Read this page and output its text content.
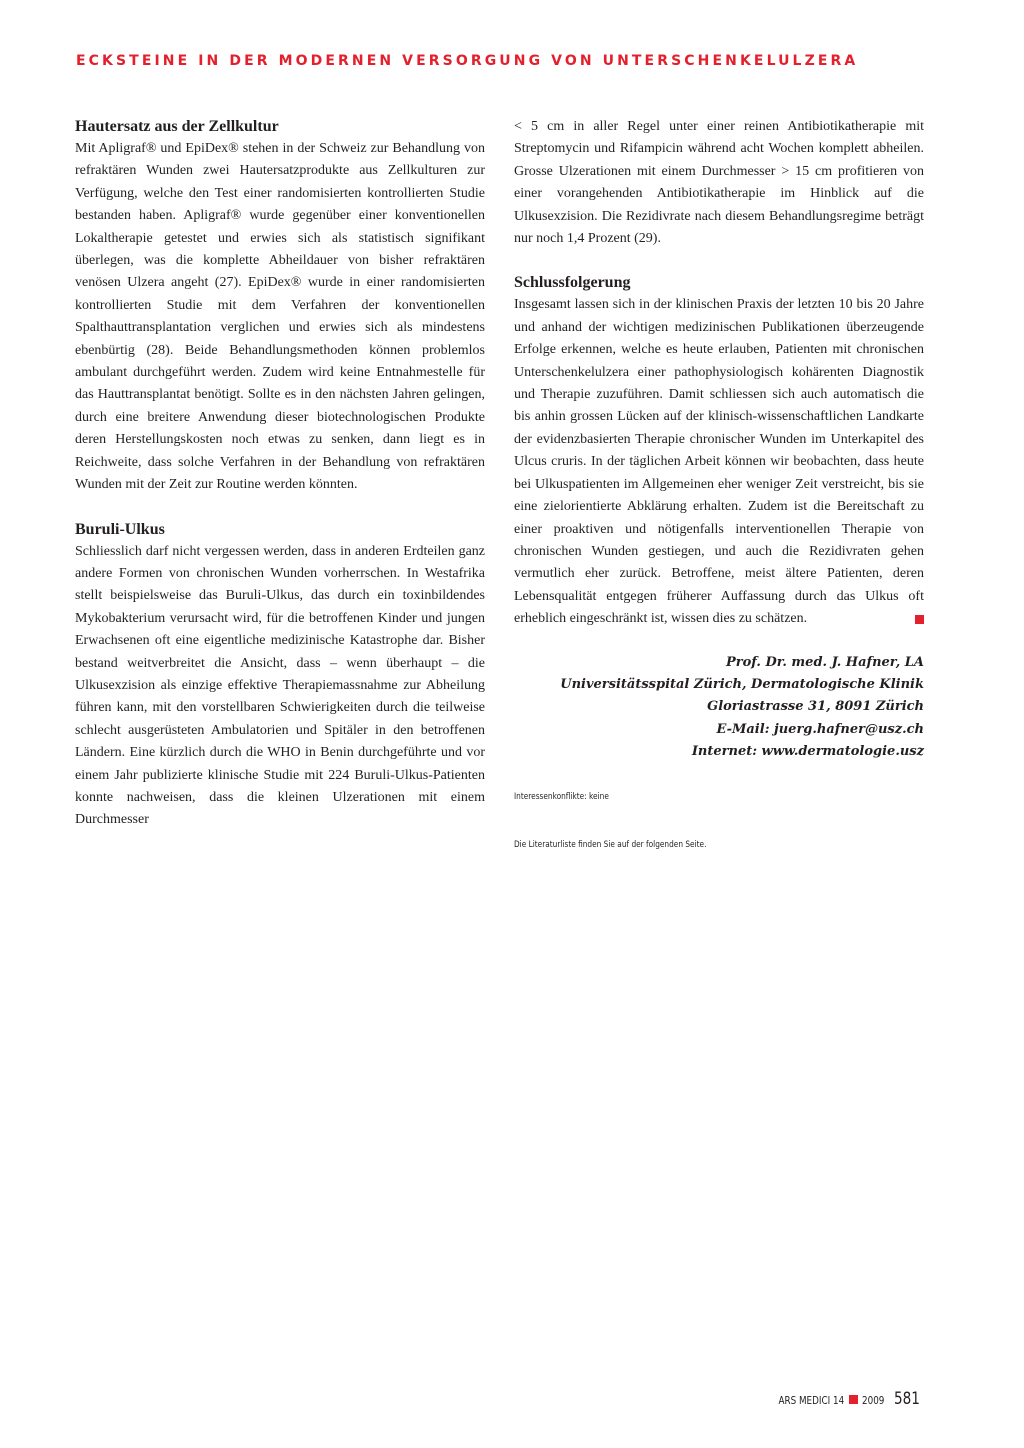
ECKSTEINE IN DER MODERNEN VERSORGUNG VON UNTERSCHENKELULZERA
Hautersatz aus der Zellkultur

Mit Apligraf® und EpiDex® stehen in der Schweiz zur Behandlung von refraktären Wunden zwei Hautersatzprodukte aus Zellkulturen zur Verfügung, welche den Test einer randomisierten kontrollierten Studie bestanden haben. Apligraf® wurde gegenüber einer konventionellen Lokaltherapie getestet und erwies sich als statistisch signifikant überlegen, was die komplette Abheildauer von bisher refraktären venösen Ulzera angeht (27). EpiDex® wurde in einer randomisierten kontrollierten Studie mit dem Verfahren der konventionellen Spalthauttransplantation verglichen und erwies sich als mindestens ebenbürtig (28). Beide Behandlungsmethoden können problemlos ambulant durchgeführt werden. Zudem wird keine Entnahmestelle für das Hauttransplantat benötigt. Sollte es in den nächsten Jahren gelingen, durch eine breitere Anwendung dieser biotechnologischen Produkte deren Herstellungskosten noch etwas zu senken, dann liegt es in Reichweite, dass solche Verfahren in der Behandlung von refraktären Wunden mit der Zeit zur Routine werden könnten.

Buruli-Ulkus

Schliesslich darf nicht vergessen werden, dass in anderen Erdteilen ganz andere Formen von chronischen Wunden vorherrschen. In Westafrika stellt beispielsweise das Buruli-Ulkus, das durch ein toxinbildendes Mykobakterium verursacht wird, für die betroffenen Kinder und jungen Erwachsenen oft eine eigentliche medizinische Katastrophe dar. Bisher bestand weitverbreitet die Ansicht, dass – wenn überhaupt – die Ulkusexzision als einzige effektive Therapiemassnahme zur Abheilung führen kann, mit den vorstellbaren Schwierigkeiten durch die teilweise schlecht ausgerüsteten Ambulatorien und Spitäler in den betroffenen Ländern. Eine kürzlich durch die WHO in Benin durchgeführte und vor einem Jahr publizierte klinische Studie mit 224 Buruli-Ulkus-Patienten konnte nachweisen, dass die kleinen Ulzerationen mit einem Durchmesser

< 5 cm in aller Regel unter einer reinen Antibiotikatherapie mit Streptomycin und Rifampicin während acht Wochen komplett abheilen. Grosse Ulzerationen mit einem Durchmesser > 15 cm profitieren von einer vorangehenden Antibiotikatherapie im Hinblick auf die Ulkusexzision. Die Rezidivrate nach diesem Behandlungsregime beträgt nur noch 1,4 Prozent (29).

Schlussfolgerung

Insgesamt lassen sich in der klinischen Praxis der letzten 10 bis 20 Jahre und anhand der wichtigen medizinischen Publikationen überzeugende Erfolge erkennen, welche es heute erlauben, Patienten mit chronischen Unterschenkelulzera einer pathophysiologisch kohärenten Diagnostik und Therapie zuzuführen. Damit schliessen sich auch automatisch die bis anhin grossen Lücken auf der klinisch-wissenschaftlichen Landkarte der evidenzbasierten Therapie chronischer Wunden im Unterkapitel des Ulcus cruris. In der täglichen Arbeit können wir beobachten, dass heute bei Ulkuspatienten im Allgemeinen eher weniger Zeit verstreicht, bis sie eine zielorientierte Abklärung erhalten. Zudem ist die Bereitschaft zu einer proaktiven und nötigenfalls interventionellen Therapie von chronischen Wunden gestiegen, und auch die Rezidivraten gehen vermutlich eher zurück. Betroffene, meist ältere Patienten, deren Lebensqualität entgegen früherer Auffassung durch das Ulkus oft erheblich eingeschränkt ist, wissen dies zu schätzen.

Prof. Dr. med. J. Hafner, LA

Universitätsspital Zürich, Dermatologische Klinik

Gloriastrasse 31, 8091 Zürich

E-Mail: juerg.hafner@usz.ch

Internet: www.dermatologie.usz

Interessenkonflikte: keine

Die Literaturliste finden Sie auf der folgenden Seite.

ARS MEDICI 14 2009 581
